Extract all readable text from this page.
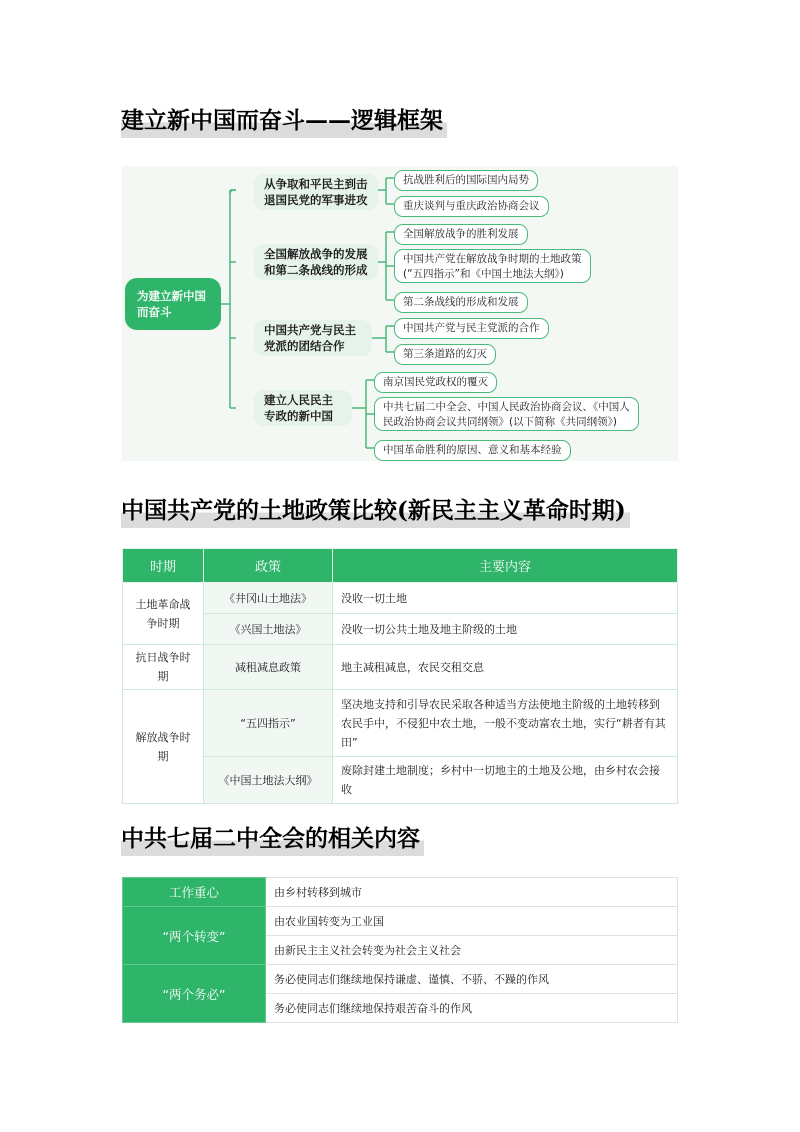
建立新中国而奋斗——逻辑框架
为建立新中国而奋斗
从争取和平民主到击退国民党的军事进攻
全国解放战争的发展和第二条战线的形成
中国共产党与民主党派的团结合作
建立人民民主专政的新中国
抗战胜利后的国际国内局势
重庆谈判与重庆政治协商会议
全国解放战争的胜利发展
中国共产党在解放战争时期的土地政策
(“五四指示”和《中国土地法大纲》)
第二条战线的形成和发展
中国共产党与民主党派的合作
第三条道路的幻灭
南京国民党政权的覆灭
中共七届二中全会、中国人民政治协商会议、《中国人
民政治协商会议共同纲领》(以下简称《共同纲领》)
中国革命胜利的原因、意义和基本经验
中国共产党的土地政策比较(新民主主义革命时期)
时期	政策	主要内容
土地革命战争时期	《井冈山土地法》	没收一切土地
	《兴国土地法》	没收一切公共土地及地主阶级的土地
抗日战争时期	减租减息政策	地主减租减息，农民交租交息
解放战争时期	“五四指示”	坚决地支持和引导农民采取各种适当方法使地主阶级的土地转移到农民手中，不侵犯中农土地，一般不变动富农土地，实行“耕者有其田”
	《中国土地法大纲》	废除封建土地制度；乡村中一切地主的土地及公地，由乡村农会接收
中共七届二中全会的相关内容
工作重心	由乡村转移到城市
“两个转变”	由农业国转变为工业国
	由新民主主义社会转变为社会主义社会
“两个务必”	务必使同志们继续地保持谦虚、谨慎、不骄、不躁的作风
	务必使同志们继续地保持艰苦奋斗的作风
